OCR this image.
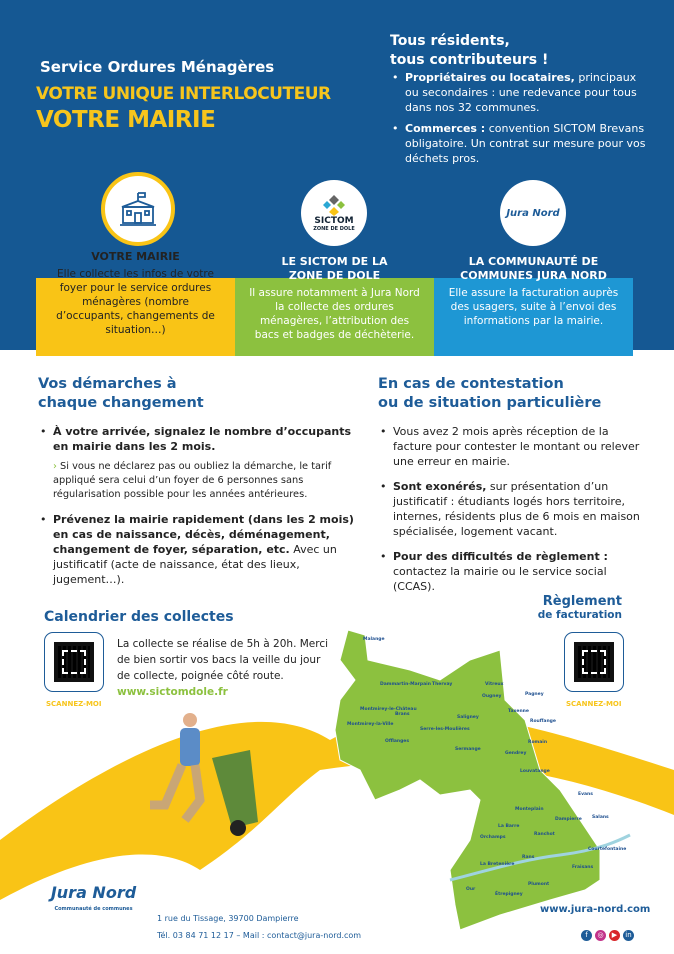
Service Ordures Ménagères
VOTRE UNIQUE INTERLOCUTEUR
VOTRE MAIRIE
Tous résidents,
tous contributeurs !
• Propriétaires ou locataires, principaux ou secondaires : une redevance pour tous dans nos 32 communes.
• Commerces : convention SICTOM Brevans obligatoire. Un contrat sur mesure pour vos déchets pros.
VOTRE MAIRIE
Elle collecte les infos de votre foyer pour le service ordures ménagères (nombre d’occupants, changements de situation…)
LE SICTOM DE LA ZONE DE DOLE
Il assure notamment à Jura Nord la collecte des ordures ménagères, l’attribution des bacs et badges de déchèterie.
LA COMMUNAUTÉ DE COMMUNES JURA NORD
Elle assure la facturation auprès des usagers, suite à l’envoi des informations par la mairie.
SICTOM
ZONE DE DOLE
Jura Nord
Vos démarches à
chaque changement
• À votre arrivée, signalez le nombre d’occupants en mairie dans les 2 mois.

› Si vous ne déclarez pas ou oubliez la démarche, le tarif appliqué sera celui d’un foyer de 6 personnes sans régularisation possible pour les années antérieures.

• Prévenez la mairie rapidement (dans les 2 mois) en cas de naissance, décès, déménagement, changement de foyer, séparation, etc. Avec un justificatif (acte de naissance, état des lieux, jugement…).
En cas de contestation
ou de situation particulière
• Vous avez 2 mois après réception de la facture pour contester le montant ou relever une erreur en mairie.
• Sont exonérés, sur présentation d’un justificatif : étudiants logés hors territoire, internes, résidents plus de 6 mois en maison spécialisée, logement vacant.
• Pour des difficultés de règlement : contactez la mairie ou le service social (CCAS).
Malange
Dammartin-Marpain
Montmirey-le-Château
Montmirey-la-Ville
Brans
Offlanges
Thervay
Serre-les-Moulières
Saligney
Sermange
Vitreux
Ougney	Pagney
Rouffange
Taxenne
Romain
Gendrey
Louvatange
Evans
Monteplain
Dampierre Salans
La Barre
Ranchot
Orchamps
Rans
Courtefontaine
La Bretenière
Fraisans
Plumont
Our
Étrepigney
Calendrier des collectes
SCANNEZ-MOI
La collecte se réalise de 5h à 20h. Merci de bien sortir vos bacs la veille du jour de collecte, poignée côté route.
www.sictomdole.fr
Règlement
de facturation
SCANNEZ-MOI
Jura Nord
Communauté de communes
1 rue du Tissage, 39700 Dampierre
Tél. 03 84 71 12 17 – Mail : contact@jura-nord.com
www.jura-nord.com
f ◎ ▶ in
